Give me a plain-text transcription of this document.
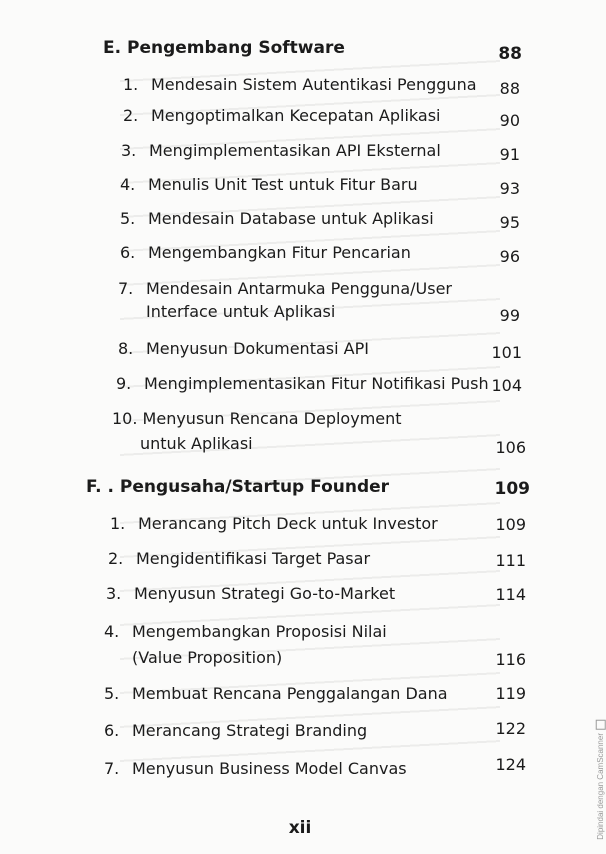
E. Pengembang Software	88
1. Mendesain Sistem Autentikasi Pengguna	88
2. Mengoptimalkan Kecepatan Aplikasi	90
3. Mengimplementasikan API Eksternal	91
4. Menulis Unit Test untuk Fitur Baru	93
5. Mendesain Database untuk Aplikasi	95
6. Mengembangkan Fitur Pencarian	96
7. Mendesain Antarmuka Pengguna/User
Interface untuk Aplikasi	99
8. Menyusun Dokumentasi API	101
9. Mengimplementasikan Fitur Notifikasi Push 104
10. Menyusun Rencana Deployment
untuk Aplikasi	106
F. . Pengusaha/Startup Founder	109
1. Merancang Pitch Deck untuk Investor	109
2. Mengidentifikasi Target Pasar	111
3. Menyusun Strategi Go-to-Market	114
4. Mengembangkan Proposisi Nilai
(Value Proposition)	116
5. Membuat Rencana Penggalangan Dana	119
6. Merancang Strategi Branding	122
7. Menyusun Business Model Canvas	124
xii	Dipindai dengan CamScanner
